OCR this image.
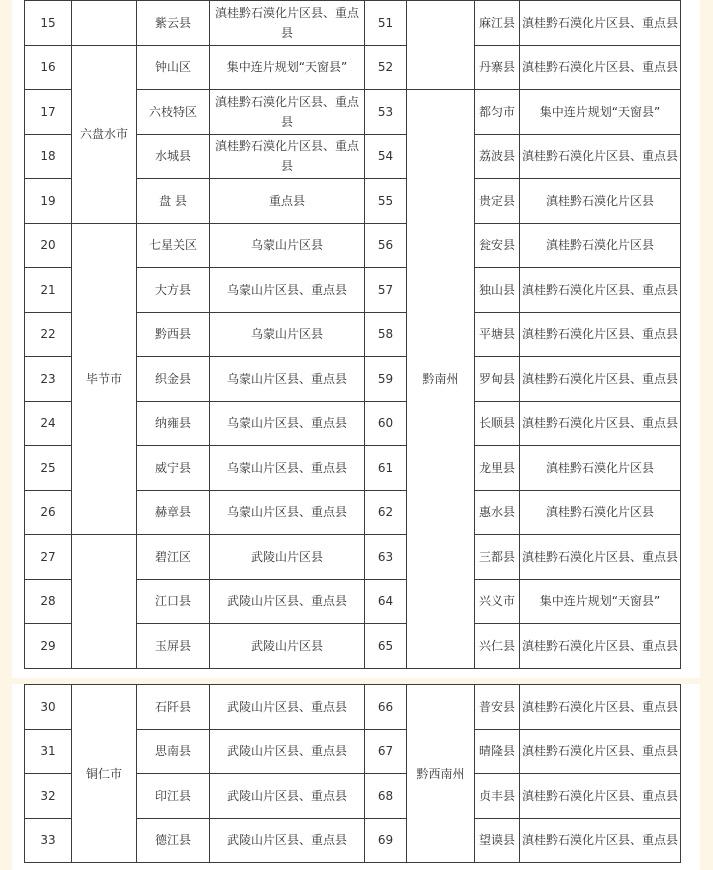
15		紫云县	滇桂黔石漠化片区县、重点县	51		麻江县	滇桂黔石漠化片区县、重点县
16	六盘水市	钟山区	集中连片规划“天窗县”	52		丹寨县	滇桂黔石漠化片区县、重点县
17		六枝特区	滇桂黔石漠化片区县、重点县	53	黔南州	都匀市	集中连片规划“天窗县”
18		水城县	滇桂黔石漠化片区县、重点县	54		荔波县	滇桂黔石漠化片区县、重点县
19		盘 县	重点县	55		贵定县	滇桂黔石漠化片区县
20	毕节市	七星关区	乌蒙山片区县	56		瓮安县	滇桂黔石漠化片区县
21		大方县	乌蒙山片区县、重点县	57		独山县	滇桂黔石漠化片区县、重点县
22		黔西县	乌蒙山片区县	58		平塘县	滇桂黔石漠化片区县、重点县
23		织金县	乌蒙山片区县、重点县	59		罗甸县	滇桂黔石漠化片区县、重点县
24		纳雍县	乌蒙山片区县、重点县	60		长顺县	滇桂黔石漠化片区县、重点县
25		威宁县	乌蒙山片区县、重点县	61		龙里县	滇桂黔石漠化片区县
26		赫章县	乌蒙山片区县、重点县	62		惠水县	滇桂黔石漠化片区县
27		碧江区	武陵山片区县	63		三都县	滇桂黔石漠化片区县、重点县
28		江口县	武陵山片区县、重点县	64		兴义市	集中连片规划“天窗县”
29		玉屏县	武陵山片区县	65		兴仁县	滇桂黔石漠化片区县、重点县
30	铜仁市	石阡县	武陵山片区县、重点县	66	黔西南州	普安县	滇桂黔石漠化片区县、重点县
31		思南县	武陵山片区县、重点县	67		晴隆县	滇桂黔石漠化片区县、重点县
32		印江县	武陵山片区县、重点县	68		贞丰县	滇桂黔石漠化片区县、重点县
33		德江县	武陵山片区县、重点县	69		望谟县	滇桂黔石漠化片区县、重点县
